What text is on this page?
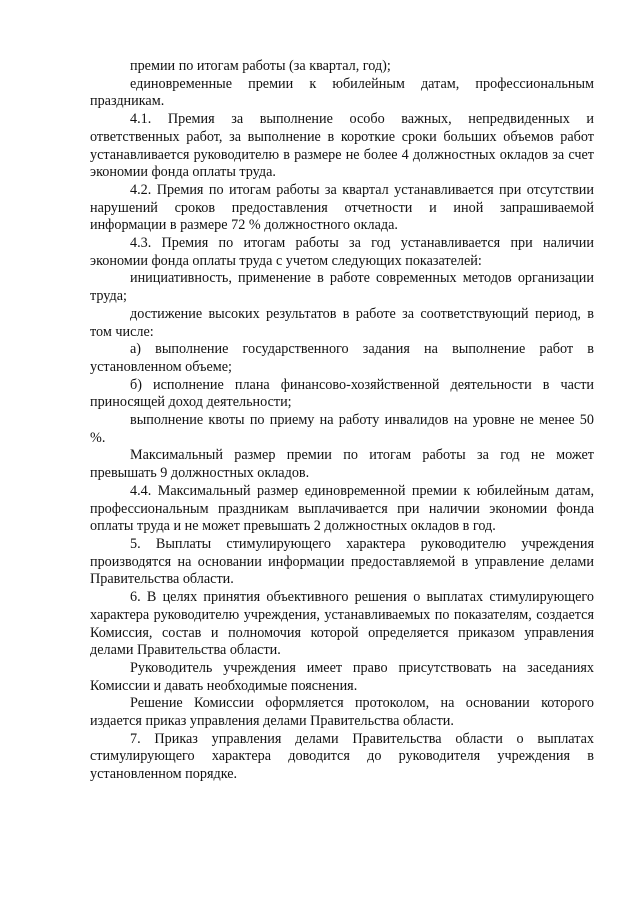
премии по итогам работы (за квартал, год);

единовременные премии к юбилейным датам, профессиональным праздникам.

4.1. Премия за выполнение особо важных, непредвиденных и ответственных работ, за выполнение в короткие сроки больших объемов работ устанавливается руководителю в размере не более 4 должностных окладов за счет экономии фонда оплаты труда.

4.2. Премия по итогам работы за квартал устанавливается при отсутствии нарушений сроков предоставления отчетности и иной запрашиваемой информации в размере 72 % должностного оклада.

4.3. Премия по итогам работы за год устанавливается при наличии экономии фонда оплаты труда с учетом следующих показателей:

инициативность, применение в работе современных методов организации труда;

достижение высоких результатов в работе за соответствующий период, в том числе:

а) выполнение государственного задания на выполнение работ в установленном объеме;

б) исполнение плана финансово-хозяйственной деятельности в части приносящей доход деятельности;

выполнение квоты по приему на работу инвалидов на уровне не менее 50 %.

Максимальный размер премии по итогам работы за год не может превышать 9 должностных окладов.

4.4. Максимальный размер единовременной премии к юбилейным датам, профессиональным праздникам выплачивается при наличии экономии фонда оплаты труда и не может превышать 2 должностных окладов в год.

5. Выплаты стимулирующего характера руководителю учреждения производятся на основании информации предоставляемой в управление делами Правительства области.

6. В целях принятия объективного решения о выплатах стимулирующего характера руководителю учреждения, устанавливаемых по показателям, создается Комиссия, состав и полномочия которой определяется приказом управления делами Правительства области.

Руководитель учреждения имеет право присутствовать на заседаниях Комиссии и давать необходимые пояснения.

Решение Комиссии оформляется протоколом, на основании которого издается приказ управления делами Правительства области.

7. Приказ управления делами Правительства области о выплатах стимулирующего характера доводится до руководителя учреждения в установленном порядке.
